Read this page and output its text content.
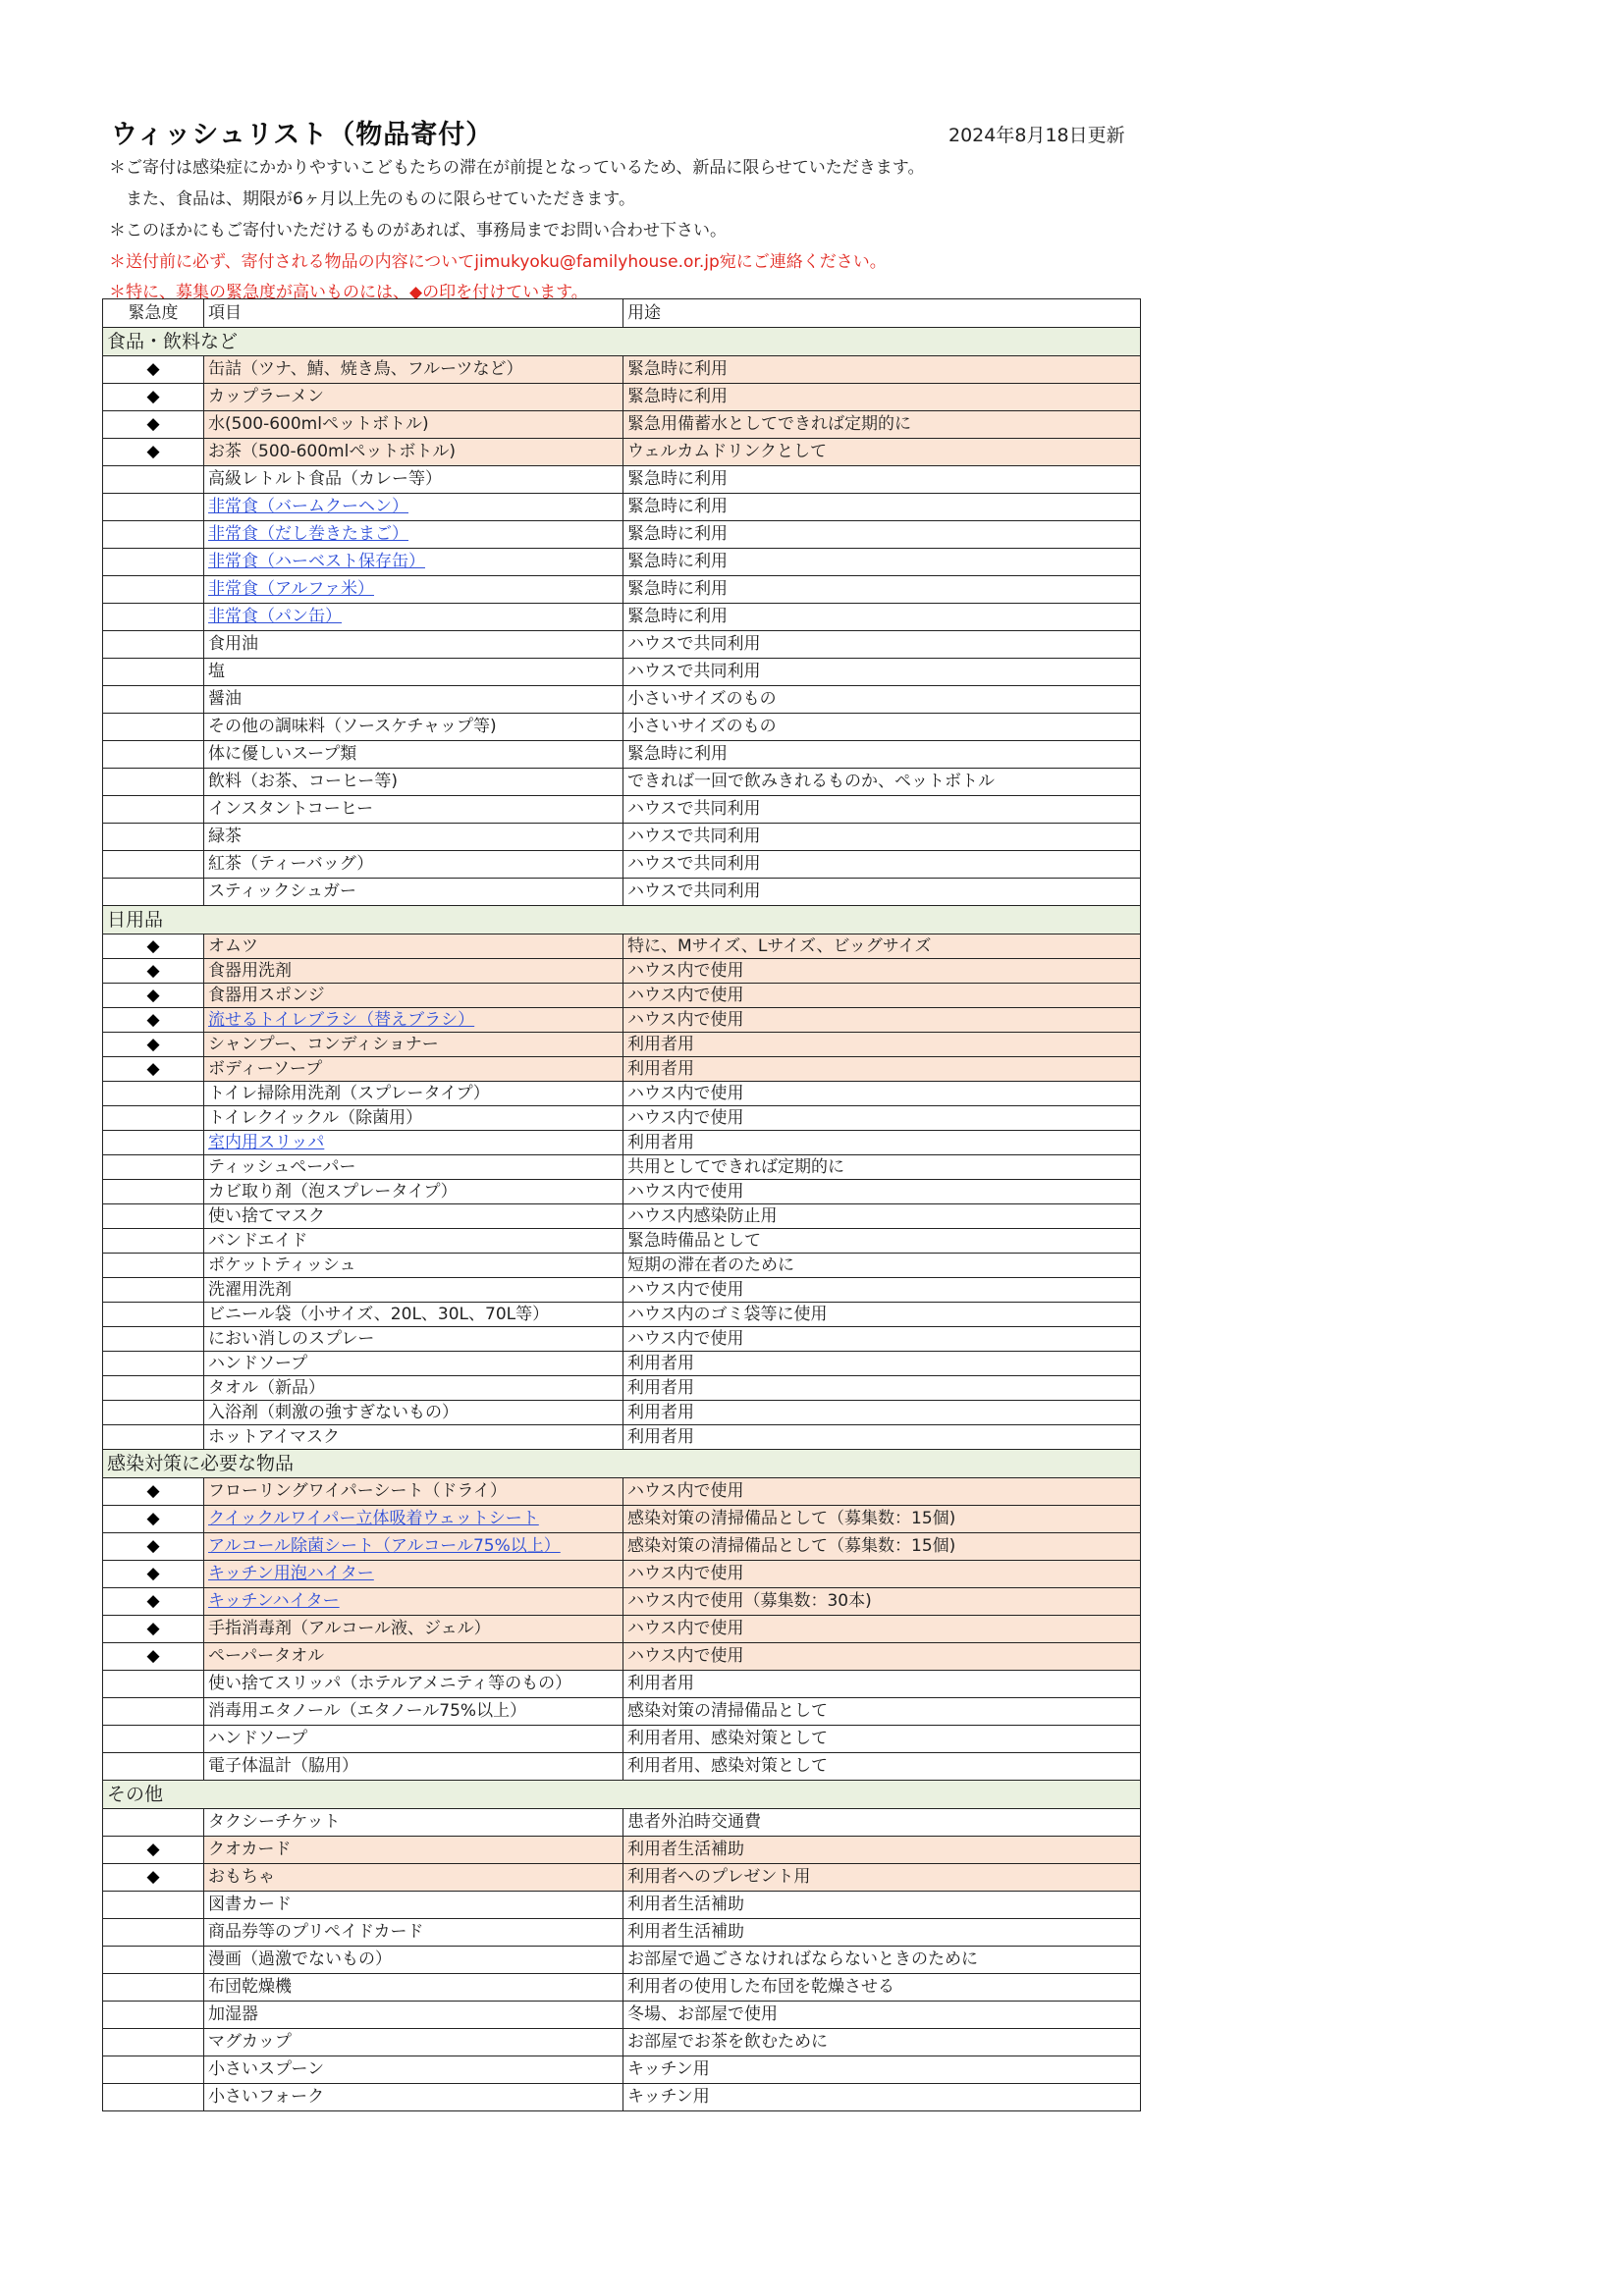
ウィッシュリスト（物品寄付）	2024年8月18日更新
＊ご寄付は感染症にかかりやすいこどもたちの滞在が前提となっているため、新品に限らせていただきます。
　また、食品は、期限が6ヶ月以上先のものに限らせていただきます。
＊このほかにもご寄付いただけるものがあれば、事務局までお問い合わせ下さい。
＊送付前に必ず、寄付される物品の内容についてjimukyoku@familyhouse.or.jp宛にご連絡ください。
＊特に、募集の緊急度が高いものには、◆の印を付けています。
緊急度	項目	用途
食品・飲料など		
◆	缶詰（ツナ、鯖、焼き鳥、フルーツなど）	緊急時に利用
◆	カップラーメン	緊急時に利用
◆	水(500-600mlペットボトル)	緊急用備蓄水としてできれば定期的に
◆	お茶（500-600mlペットボトル)	ウェルカムドリンクとして
	高級レトルト食品（カレー等）	緊急時に利用
	非常食（バームクーヘン）	緊急時に利用
	非常食（だし巻きたまご）	緊急時に利用
	非常食（ハーベスト保存缶）	緊急時に利用
	非常食（アルファ米）	緊急時に利用
	非常食（パン缶）	緊急時に利用
	食用油	ハウスで共同利用
	塩	ハウスで共同利用
	醤油	小さいサイズのもの
	その他の調味料（ソースケチャップ等)	小さいサイズのもの
	体に優しいスープ類	緊急時に利用
	飲料（お茶、コーヒー等)	できれば一回で飲みきれるものか、ペットボトル
	インスタントコーヒー	ハウスで共同利用
	緑茶	ハウスで共同利用
	紅茶（ティーバッグ）	ハウスで共同利用
	スティックシュガー	ハウスで共同利用
日用品		
◆	オムツ	特に、Mサイズ、Lサイズ、ビッグサイズ
◆	食器用洗剤	ハウス内で使用
◆	食器用スポンジ	ハウス内で使用
◆	流せるトイレブラシ（替えブラシ）	ハウス内で使用
◆	シャンプー、コンディショナー	利用者用
◆	ボディーソープ	利用者用
	トイレ掃除用洗剤（スプレータイプ）	ハウス内で使用
	トイレクイックル（除菌用）	ハウス内で使用
	室内用スリッパ	利用者用
	ティッシュペーパー	共用としてできれば定期的に
	カビ取り剤（泡スプレータイプ）	ハウス内で使用
	使い捨てマスク	ハウス内感染防止用
	バンドエイド	緊急時備品として
	ポケットティッシュ	短期の滞在者のために
	洗濯用洗剤	ハウス内で使用
	ビニール袋（小サイズ、20L、30L、70L等）	ハウス内のゴミ袋等に使用
	におい消しのスプレー	ハウス内で使用
	ハンドソープ	利用者用
	タオル（新品）	利用者用
	入浴剤（刺激の強すぎないもの）	利用者用
	ホットアイマスク	利用者用
感染対策に必要な物品		
◆	フローリングワイパーシート（ドライ）	ハウス内で使用
◆	クイックルワイパー立体吸着ウェットシート	感染対策の清掃備品として（募集数：15個)
◆	アルコール除菌シート（アルコール75%以上）	感染対策の清掃備品として（募集数：15個)
◆	キッチン用泡ハイター	ハウス内で使用
◆	キッチンハイター	ハウス内で使用（募集数：30本)
◆	手指消毒剤（アルコール液、ジェル）	ハウス内で使用
◆	ペーパータオル	ハウス内で使用
	使い捨てスリッパ（ホテルアメニティ等のもの）	利用者用
	消毒用エタノール（エタノール75%以上）	感染対策の清掃備品として
	ハンドソープ	利用者用、感染対策として
	電子体温計（脇用）	利用者用、感染対策として
その他		
	タクシーチケット	患者外泊時交通費
◆	クオカード	利用者生活補助
◆	おもちゃ	利用者へのプレゼント用
	図書カード	利用者生活補助
	商品券等のプリペイドカード	利用者生活補助
	漫画（過激でないもの）	お部屋で過ごさなければならないときのために
	布団乾燥機	利用者の使用した布団を乾燥させる
	加湿器	冬場、お部屋で使用
	マグカップ	お部屋でお茶を飲むために
	小さいスプーン	キッチン用
	小さいフォーク	キッチン用
